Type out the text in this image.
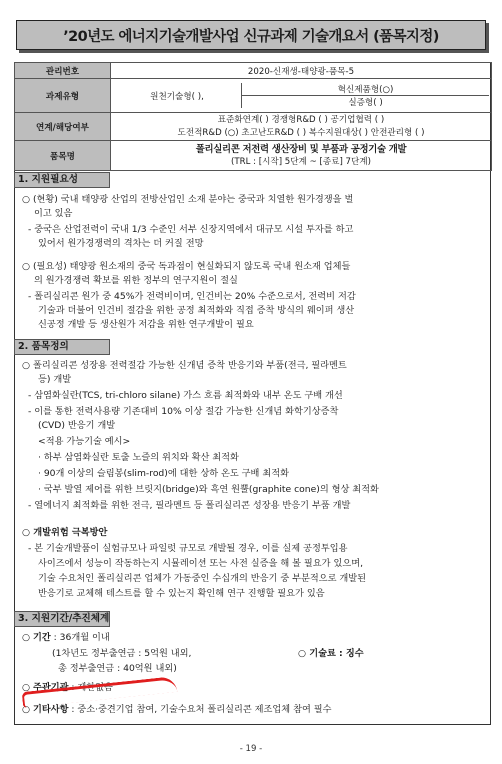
’20년도 에너지기술개발사업 신규과제 기술개요서 (품목지정)
관리번호	2020-신재생-태양광-품목-5
과제유형	원천기술형( ),
혁신제품형(○)
실증형( )

연계/해당여부	표준화연계( ) 경쟁형R&D ( ) 공기업협력 ( )
도전적R&D (○) 초고난도R&D ( ) 복수지원대상( ) 안전관리형 ( )

품목명	폴리실리콘 저전력 생산장비 및 부품과 공정기술 개발
(TRL : [시작] 5단계 ~ [종료] 7단계)
1. 지원필요성
○ (현황) 국내 태양광 산업의 전방산업인 소재 분야는 중국과 치열한 원가경쟁을 벌
이고 있음
- 중국은 산업전력이 국내 1/3 수준인 서부 신장지역에서 대규모 시설 투자를 하고
있어서 원가경쟁력의 격차는 더 커질 전망
○ (필요성) 태양광 원소재의 중국 독과점이 현실화되지 않도록 국내 원소재 업체들
의 원가경쟁력 확보를 위한 정부의 연구지원이 절실
- 폴리실리콘 원가 중 45%가 전력비이며, 인건비는 20% 수준으로서, 전력비 저감
기술과 더불어 인건비 절감을 위한 공정 최적화와 직접 증착 방식의 웨이퍼 생산
신공정 개발 등 생산원가 저감을 위한 연구개발이 필요
2. 품목정의
○ 폴리실리콘 성장용 전력절감 가능한 신개념 증착 반응기와 부품(전극, 필라멘트
등) 개발
- 삼염화실란(TCS, tri-chloro silane) 가스 흐름 최적화와 내부 온도 구배 개선
- 이를 통한 전력사용량 기존대비 10% 이상 절감 가능한 신개념 화학기상증착
(CVD) 반응기 개발
<적용 가능기술 예시>
· 하부 삼염화실란 토출 노즐의 위치와 확산 최적화
· 90개 이상의 슬림봉(slim-rod)에 대한 상하 온도 구배 최적화
· 국부 발열 제어를 위한 브릿지(bridge)와 흑연 원뿔(graphite cone)의 형상 최적화
- 열에너지 최적화를 위한 전극, 필라멘트 등 폴리실리콘 성장용 반응기 부품 개발
○ 개발위험 극복방안
- 본 기술개발품이 실험규모나 파일럿 규모로 개발될 경우, 이를 실제 공정투입용
사이즈에서 성능이 작동하는지 시뮬레이션 또는 사전 실증을 해 볼 필요가 있으며,
기술 수요처인 폴리실리콘 업체가 가동중인 수십개의 반응기 중 부분적으로 개발된
반응기로 교체해 테스트를 할 수 있는지 확인해 연구 진행할 필요가 있음
3. 지원기간/추진체계
○ 기간 : 36개월 이내
(1차년도 정부출연금 : 5억원 내외,
총 정부출연금 : 40억원 내외)
○ 기술료 : 징수
○ 주관기관 : 제한없음
○ 기타사항 : 중소·중견기업 참여, 기술수요처 폴리실리콘 제조업체 참여 필수
- 19 -
